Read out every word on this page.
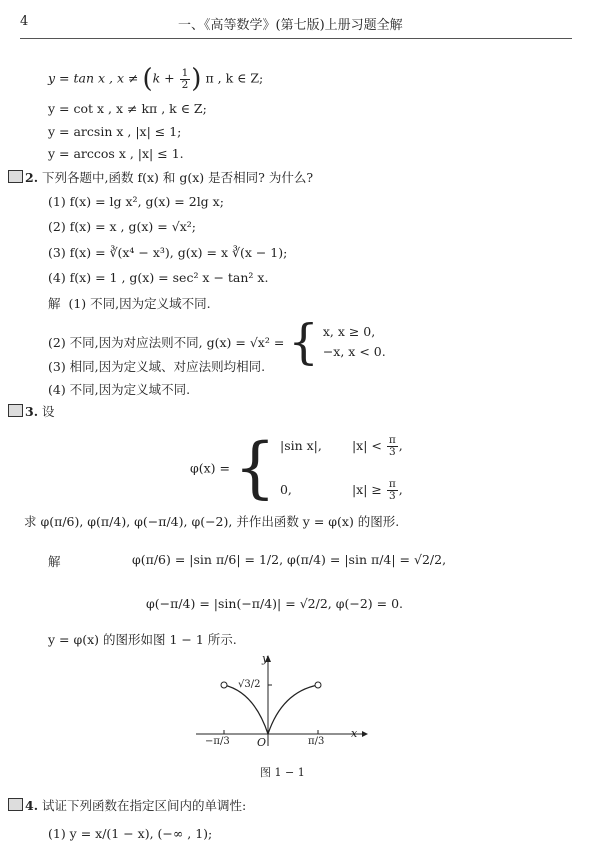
4	一、《高等数学》(第七版)上册习题全解
y = tan x , $x \ne (k + \frac{1}{2}$ ) π , k ∈ Z;
y = cot x , x ≠ kπ , k ∈ Z;
y = arcsin x , |x| ≤ 1;
y = arccos x , |x| ≤ 1.
2. 下列各题中,函数 f(x) 和 g(x) 是否相同? 为什么?
(1) f(x) = lg x², g(x) = 2lg x;
(2) f(x) = x , g(x) = √x²;
(3) f(x) = ∛(x⁴ − x³), g(x) = x ∛(x − 1);
(4) f(x) = 1 , g(x) = sec² x − tan² x.
解 (1) 不同,因为定义域不同.
(2) 不同,因为对应法则不同, g(x) = √x² = { x, x ≥ 0,
−x, x < 0.
(3) 相同,因为定义域、对应法则均相同.
(4) 不同,因为定义域不同.
3. 设
φ(x) = { |sin x|, $|x| < \frac{\pi}{3}$ ,
0,	$|x| \ge \frac{\pi}{3}$ ,
求 φ(π/6), φ(π/4), φ(−π/4), φ(−2), 并作出函数 y = φ(x) 的图形.
解	φ(π/6) = |sin π/6| = 1/2, φ(π/4) = |sin π/4| = √2/2,
φ(−π/4) = |sin(−π/4)| = √2/2, φ(−2) = 0.
y = φ(x) 的图形如图 1 − 1 所示.
y
x
O
−π/3	π/3
√3/2
图 1 − 1
4. 试证下列函数在指定区间内的单调性:
(1) y = x/(1 − x), (−∞ , 1);
